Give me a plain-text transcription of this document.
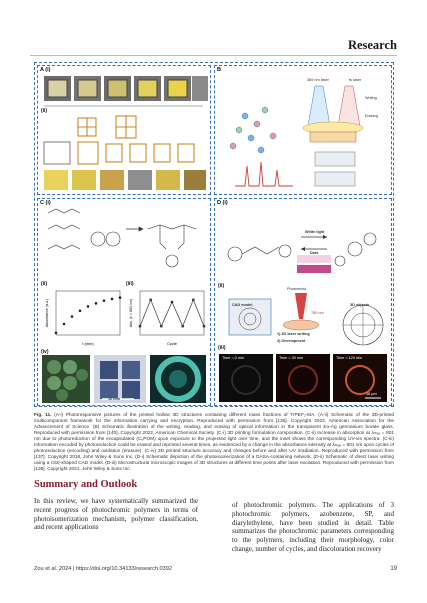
Research
A (i)
(ii)
B
Writing
Erasing
365 nm laser	fs laser
C (i)
(ii)
t (min)
Absorbance (a.u.)
(iii)
Cycle
Abs. (λ = 801 nm)
(iv)
10 mm
D (i)
White light
Dark
(ii)
CAD model	3D objects
Photoresist
780 nm
1) 3D laser writing
2) Development
(iii)
Time = 0 min	Time = 30 min	Time = 120 min
18 µm
Fig. 11. (A-i) Photoresponsive pictures of the printed hollow 3D structures containing different mass fractions of TrPEF₂-MA. (A-ii) Schematic of the 3D-printed multicomponent framework for the information carrying and encryption. Reproduced with permission from [136]. Copyright 2022, American Association for the Advancement of Science. (B) Schematic illustration of the writing, reading, and erasing of optical information in the transparent Eu-Ag germanium borate glass. Reproduced with permission from [140]. Copyright 2022, American Chemical Society. (C-i) 3D printing formulation composition. (C-ii) Increase in absorption at λₘₐₓ = 801 nm due to photoreduction of the encapsulated (C₆POM) upon exposure to the projected light over time, and the inset shows the corresponding UV-vis spectra. (C-iii) Information encoded by photoreduction could be erased and reprinted several times, as evidenced by a change in the absorbance intensity at λₘₐₓ = 801 nm upon cycles of photoreduction (encoding) and oxidation (erasure). (C-iv) 3D printed structure accuracy and changes before and after UV irradiation. Reproduced with permission from [137]. Copyright 2018, John Wiley & Sons Inc. (D-i) Schematic depiction of the photoisomerization of a DASA-containing network. (D-ii) Schematic of direct laser writing using a C60-shaped CAD model. (D-iii) Microstructural microscopic images of 3D structures at different time points after laser excitation. Reproduced with permission from [138]. Copyright 2021, John Wiley & Sons Inc.
Summary and Outlook
In this review, we have systematically summarized the recent progress of photochromic polymers in terms of photoisomerization mechanism, polymer classification, and recent applications
of photochromic polymers. The applications of 3 photochromic polymers, azobenzene, SP, and diarylethylene, have been studied in detail. Table summarizes the photochromic parameters corresponding to the polymers, including their morphology, color change, number of cycles, and discoloration recovery
Zou et al. 2024 | https://doi.org/10.34133/research.0392	19
